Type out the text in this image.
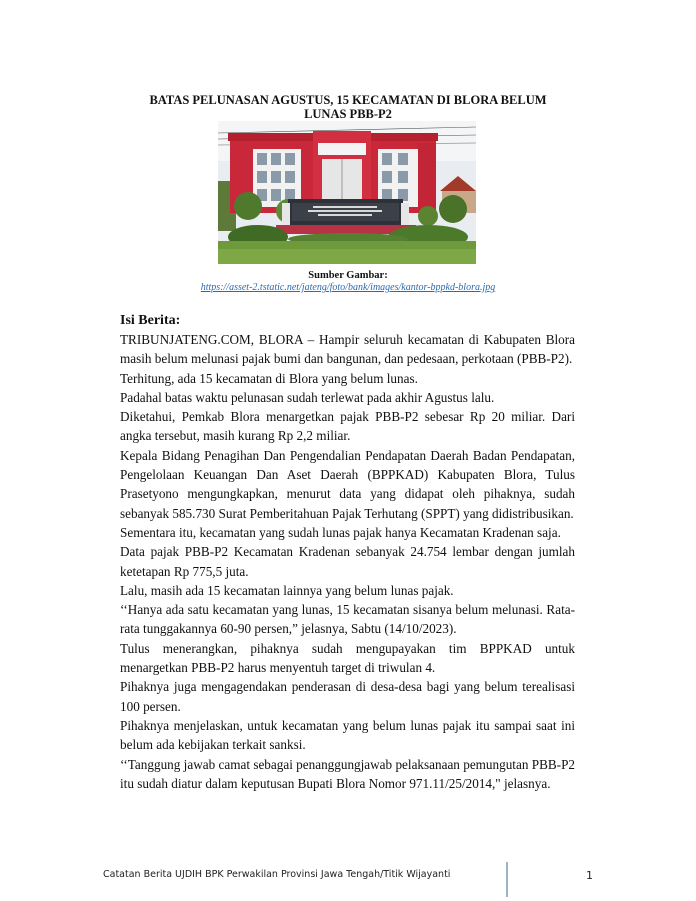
BATAS PELUNASAN AGUSTUS, 15 KECAMATAN DI BLORA BELUM
LUNAS PBB-P2
Sumber Gambar:
https://asset-2.tstatic.net/jateng/foto/bank/images/kantor-bppkd-blora.jpg
Isi Berita:

TRIBUNJATENG.COM, BLORA – Hampir seluruh kecamatan di Kabupaten Blora masih belum melunasi pajak bumi dan bangunan, dan pedesaan, perkotaan (PBB-P2).

Terhitung, ada 15 kecamatan di Blora yang belum lunas.

Padahal batas waktu pelunasan sudah terlewat pada akhir Agustus lalu.

Diketahui, Pemkab Blora menargetkan pajak PBB-P2 sebesar Rp 20 miliar. Dari angka tersebut, masih kurang Rp 2,2 miliar.

Kepala Bidang Penagihan Dan Pengendalian Pendapatan Daerah Badan Pendapatan, Pengelolaan Keuangan Dan Aset Daerah (BPPKAD) Kabupaten Blora, Tulus Prasetyono mengungkapkan, menurut data yang didapat oleh pihaknya, sudah sebanyak 585.730 Surat Pemberitahuan Pajak Terhutang (SPPT) yang didistribusikan.

Sementara itu, kecamatan yang sudah lunas pajak hanya Kecamatan Kradenan saja.

Data pajak PBB-P2 Kecamatan Kradenan sebanyak 24.754 lembar dengan jumlah ketetapan Rp 775,5 juta.

Lalu, masih ada 15 kecamatan lainnya yang belum lunas pajak.

‘‘Hanya ada satu kecamatan yang lunas, 15 kecamatan sisanya belum melunasi. Rata-rata tunggakannya 60-90 persen,” jelasnya, Sabtu (14/10/2023).

Tulus menerangkan, pihaknya sudah mengupayakan tim BPPKAD untuk menargetkan PBB-P2 harus menyentuh target di triwulan 4.

Pihaknya juga mengagendakan penderasan di desa-desa bagi yang belum terealisasi 100 persen.

Pihaknya menjelaskan, untuk kecamatan yang belum lunas pajak itu sampai saat ini belum ada kebijakan terkait sanksi.

‘‘Tanggung jawab camat sebagai penanggungjawab pelaksanaan pemungutan PBB-P2 itu sudah diatur dalam keputusan Bupati Blora Nomor 971.11/25/2014," jelasnya.

Catatan Berita UJDIH BPK Perwakilan Provinsi Jawa Tengah/Titik Wijayanti	1
